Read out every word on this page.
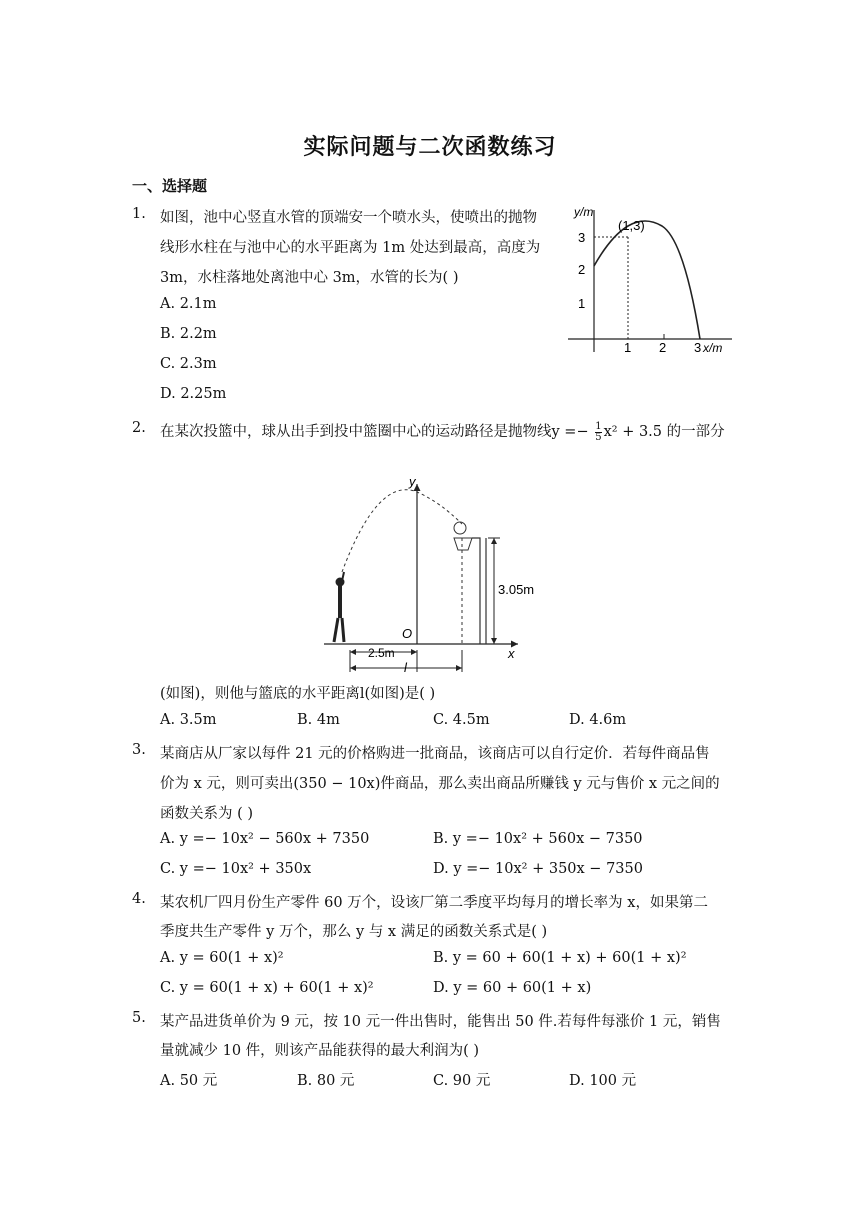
实际问题与二次函数练习
一、选择题
1. 如图，池中心竖直水管的顶端安一个喷水头，使喷出的抛物
线形水柱在与池中心的水平距离为 1m 处达到最高，高度为
3m，水柱落地处离池中心 3m，水管的长为( )
A. 2.1m
B. 2.2m
C. 2.3m
D. 2.25m
y/m
(1,3)
3
2
1
1 2 3 x/m
2. 在某次投篮中，球从出手到投中篮圈中心的运动路径是抛物线$y =- \frac{1}{5} x^2 + 3.5$ 的一部分
y
x
O
3.05m
2.5m
l
(如图)，则他与篮底的水平距离l(如图)是( )
A. 3.5m	B. 4m	C. 4.5m	D. 4.6m
3. 某商店从厂家以每件 21 元的价格购进一批商品，该商店可以自行定价．若每件商品售
价为 x 元，则可卖出(350 − 10x)件商品，那么卖出商品所赚钱 y 元与售价 x 元之间的
函数关系为 ( )
A. y =− 10x² − 560x + 7350	B. y =− 10x² + 560x − 7350
C. y =− 10x² + 350x	D. y =− 10x² + 350x − 7350
4. 某农机厂四月份生产零件 60 万个，设该厂第二季度平均每月的增长率为 x，如果第二
季度共生产零件 y 万个，那么 y 与 x 满足的函数关系式是( )
A. y = 60(1 + x)²	B. y = 60 + 60(1 + x) + 60(1 + x)²
C. y = 60(1 + x) + 60(1 + x)²	D. y = 60 + 60(1 + x)
5. 某产品进货单价为 9 元，按 10 元一件出售时，能售出 50 件.若每件每涨价 1 元，销售
量就减少 10 件，则该产品能获得的最大利润为( )
A. 50 元	B. 80 元	C. 90 元	D. 100 元
